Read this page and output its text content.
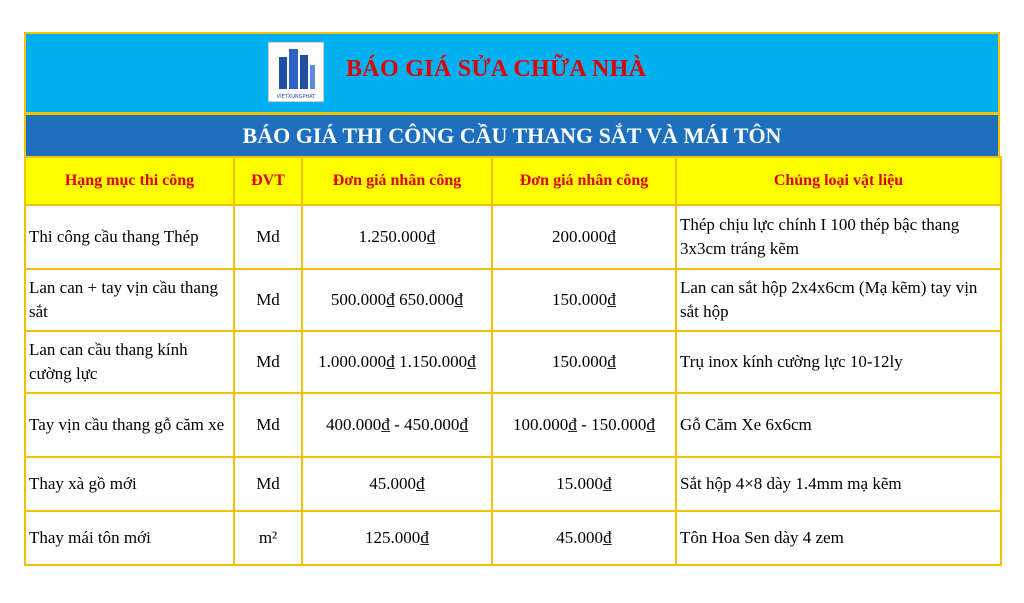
VIETXUNGPHAT
BÁO GIÁ SỬA CHỮA NHÀ
BÁO GIÁ THI CÔNG CẦU THANG SẮT VÀ MÁI TÔN
Hạng mục thi công	ĐVT	Đơn giá nhân công	Đơn giá nhân công	Chủng loại vật liệu
Thi công cầu thang Thép	Md	1.250.000₫	200.000₫	Thép chịu lực chính I 100 thép bậc thang 3x3cm tráng kẽm
Lan can + tay vịn cầu thang sắt	Md	500.000₫ 650.000₫	150.000₫	Lan can sắt hộp 2x4x6cm (Mạ kẽm) tay vịn sắt hộp
Lan can cầu thang kính cường lực	Md	1.000.000₫ 1.150.000₫	150.000₫	Trụ inox kính cường lực 10-12ly
Tay vịn cầu thang gỗ căm xe	Md	400.000₫ - 450.000₫	100.000₫ - 150.000₫	Gỗ Căm Xe 6x6cm
Thay xà gồ mới	Md	45.000₫	15.000₫	Sắt hộp 4×8 dày 1.4mm mạ kẽm
Thay mái tôn mới	m²	125.000₫	45.000₫	Tôn Hoa Sen dày 4 zem
